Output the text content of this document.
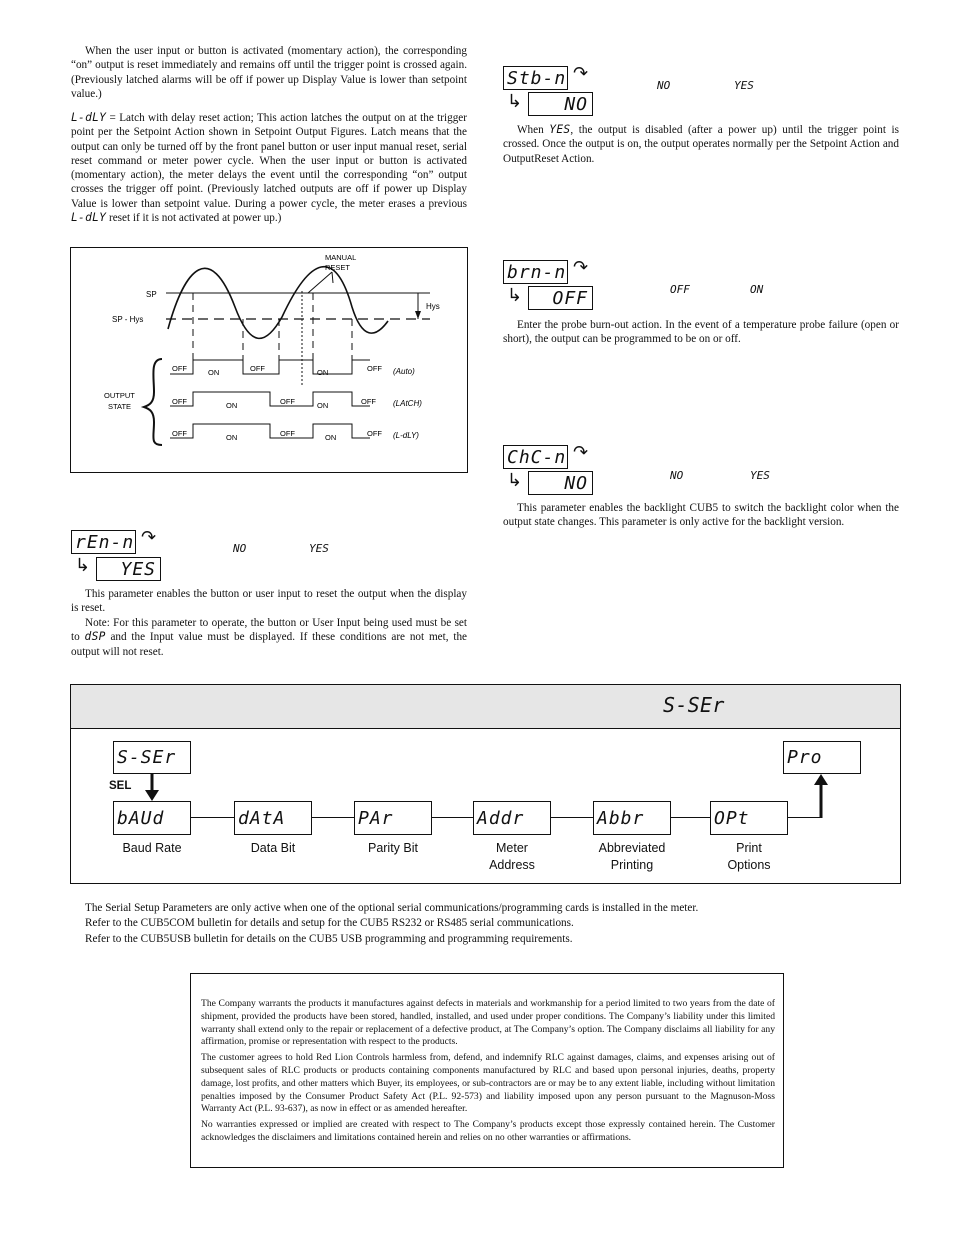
When the user input or button is activated (momentary action), the corresponding “on” output is reset immediately and remains off until the trigger point is crossed again. (Previously latched alarms will be off if power up Display Value is lower than setpoint value.)
L-dLY = Latch with delay reset action; This action latches the output on at the trigger point per the Setpoint Action shown in Setpoint Output Figures. Latch means that the output can only be turned off by the front panel button or user input manual reset, serial reset command or meter power cycle. When the user input or button is activated (momentary action), the meter delays the event until the corresponding “on” output crosses the trigger off point. (Previously latched outputs are off if power up Display Value is lower than setpoint value. During a power cycle, the meter erases a previous L-dLY reset if it is not activated at power up.)
SP
SP - Hys
Hys
MANUAL
RESET
OUTPUT
STATE
OFF	ON	OFF	ON	OFF (Auto)
OFF	ON	OFF	ON	OFF (LAtCH)
OFF	ON	OFF	ON	OFF (L-dLY)
rEn-n ↷
↳	YES
NO	YES
This parameter enables the button or user input to reset the output when the display is reset.
Note: For this parameter to operate, the button or User Input being used must be set to dSP and the Input value must be displayed. If these conditions are not met, the output will not reset.
Stb-n ↷
↳	NO
NO	YES
When YES, the output is disabled (after a power up) until the trigger point is crossed. Once the output is on, the output operates normally per the Setpoint Action and OutputReset Action.
brn-n ↷
↳	OFF	OFF	ON
Enter the probe burn-out action. In the event of a temperature probe failure (open or short), the output can be programmed to be on or off.
ChC-n ↷
↳	NO	NO	YES
This parameter enables the backlight CUB5 to switch the backlight color when the output state changes. This parameter is only active for the backlight version.
S-SEr
S-SEr
SEL
Pro
bAUd
Baud Rate
dAtA
Data Bit
PAr
Parity Bit
Addr
Meter
Address
Abbr
Abbreviated
Printing
OPt
Print
Options
The Serial Setup Parameters are only active when one of the optional serial communications/programming cards is installed in the meter.
Refer to the CUB5COM bulletin for details and setup for the CUB5 RS232 or RS485 serial communications.
Refer to the CUB5USB bulletin for details on the CUB5 USB programming and programming requirements.
The Company warrants the products it manufactures against defects in materials and workmanship for a period limited to two years from the date of shipment, provided the products have been stored, handled, installed, and used under proper conditions. The Company’s liability under this limited warranty shall extend only to the repair or replacement of a defective product, at The Company’s option. The Company disclaims all liability for any affirmation, promise or representation with respect to the products.
The customer agrees to hold Red Lion Controls harmless from, defend, and indemnify RLC against damages, claims, and expenses arising out of subsequent sales of RLC products or products containing components manufactured by RLC and based upon personal injuries, deaths, property damage, lost profits, and other matters which Buyer, its employees, or sub-contractors are or may be to any extent liable, including without limitation penalties imposed by the Consumer Product Safety Act (P.L. 92-573) and liability imposed upon any person pursuant to the Magnuson-Moss Warranty Act (P.L. 93-637), as now in effect or as amended hereafter.
No warranties expressed or implied are created with respect to The Company’s products except those expressly contained herein. The Customer acknowledges the disclaimers and limitations contained herein and relies on no other warranties or affirmations.
